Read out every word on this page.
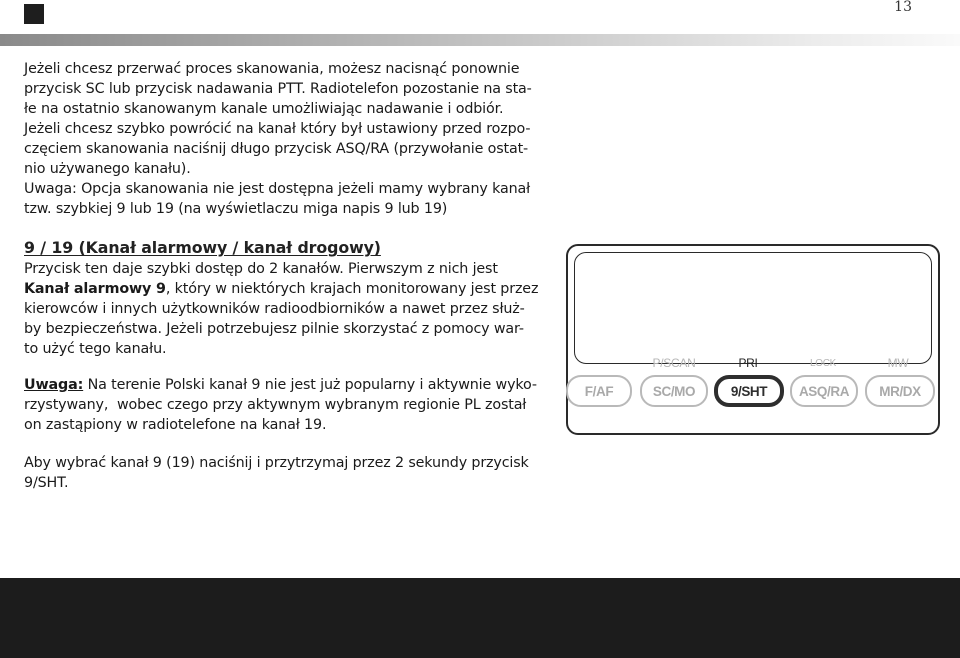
13

Jeżeli chcesz przerwać proces skanowania, możesz nacisnąć ponownie

przycisk SC lub przycisk nadawania PTT. Radiotelefon pozostanie na sta-

łe na ostatnio skanowanym kanale umożliwiając nadawanie i odbiór.

Jeżeli chcesz szybko powrócić na kanał który był ustawiony przed rozpo-

częciem skanowania naciśnij długo przycisk ASQ/RA (przywołanie ostat-

nio używanego kanału).

Uwaga: Opcja skanowania nie jest dostępna jeżeli mamy wybrany kanał

tzw. szybkiej 9 lub 19 (na wyświetlaczu miga napis 9 lub 19)

9 / 19 (Kanał alarmowy / kanał drogowy)

Przycisk ten daje szybki dostęp do 2 kanałów. Pierwszym z nich jest

Kanał alarmowy 9, który w niektórych krajach monitorowany jest przez

kierowców i innych użytkowników radioodbiorników a nawet przez służ-

by bezpieczeństwa. Jeżeli potrzebujesz pilnie skorzystać z pomocy war-

to użyć tego kanału.

Uwaga: Na terenie Polski kanał 9 nie jest już popularny i aktywnie wyko-

rzystywany,  wobec czego przy aktywnym wybranym regionie PL został

on zastąpiony w radiotelefone na kanał 19.

Aby wybrać kanał 9 (19) naciśnij i przytrzymaj przez 2 sekundy przycisk

9/SHT.

P/SCAN	PRI	LOCK	MW
F/AF	SC/MO	9/SHT	ASQ/RA	MR/DX
